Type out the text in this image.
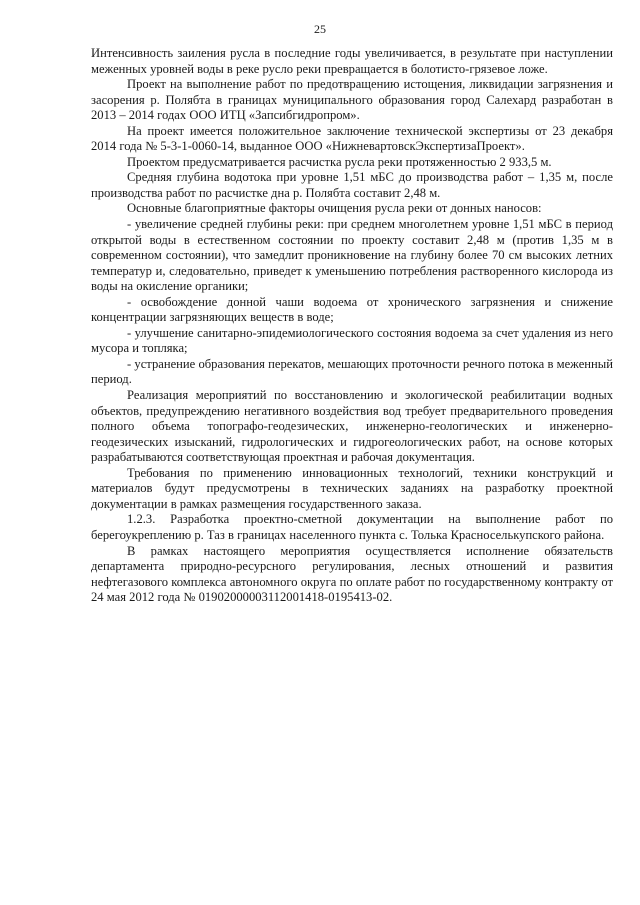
25

Интенсивность заиления русла в последние годы увеличивается, в результате при наступлении меженных уровней воды в реке русло реки превращается в болотисто-грязевое ложе.

Проект на выполнение работ по предотвращению истощения, ликвидации загрязнения и засорения р. Полябта в границах муниципального образования город Салехард разработан в 2013 – 2014 годах ООО ИТЦ «Запсибгидропром».

На проект имеется положительное заключение технической экспертизы от 23 декабря 2014 года № 5-3-1-0060-14, выданное ООО «НижневартовскЭкспертизаПроект».

Проектом предусматривается расчистка русла реки протяженностью 2 933,5 м.

Средняя глубина водотока при уровне 1,51 мБС до производства работ – 1,35 м, после производства работ по расчистке дна р. Полябта составит 2,48 м.

Основные благоприятные факторы очищения русла реки от донных наносов:

- увеличение средней глубины реки: при среднем многолетнем уровне 1,51 мБС в период открытой воды в естественном состоянии по проекту составит 2,48 м (против 1,35 м в современном состоянии), что замедлит проникновение на глубину более 70 см высоких летних температур и, следовательно, приведет к уменьшению потребления растворенного кислорода из воды на окисление органики;

- освобождение донной чаши водоема от хронического загрязнения и снижение концентрации загрязняющих веществ в воде;

- улучшение санитарно-эпидемиологического состояния водоема за счет удаления из него мусора и топляка;

- устранение образования перекатов, мешающих проточности речного потока в меженный период.

Реализация мероприятий по восстановлению и экологической реабилитации водных объектов, предупреждению негативного воздействия вод требует предварительного проведения полного объема топографо-геодезических, инженерно-геологических и инженерно-геодезических изысканий, гидрологических и гидрогеологических работ, на основе которых разрабатываются соответствующая проектная и рабочая документация.

Требования по применению инновационных технологий, техники конструкций и материалов будут предусмотрены в технических заданиях на разработку проектной документации в рамках размещения государственного заказа.

1.2.3. Разработка проектно-сметной документации на выполнение работ по берегоукреплению р. Таз в границах населенного пункта с. Толька Красноселькупского района.

В рамках настоящего мероприятия осуществляется исполнение обязательств департамента природно-ресурсного регулирования, лесных отношений и развития нефтегазового комплекса автономного округа по оплате работ по государственному контракту от 24 мая 2012 года № 01902000003112001418-0195413-02.
